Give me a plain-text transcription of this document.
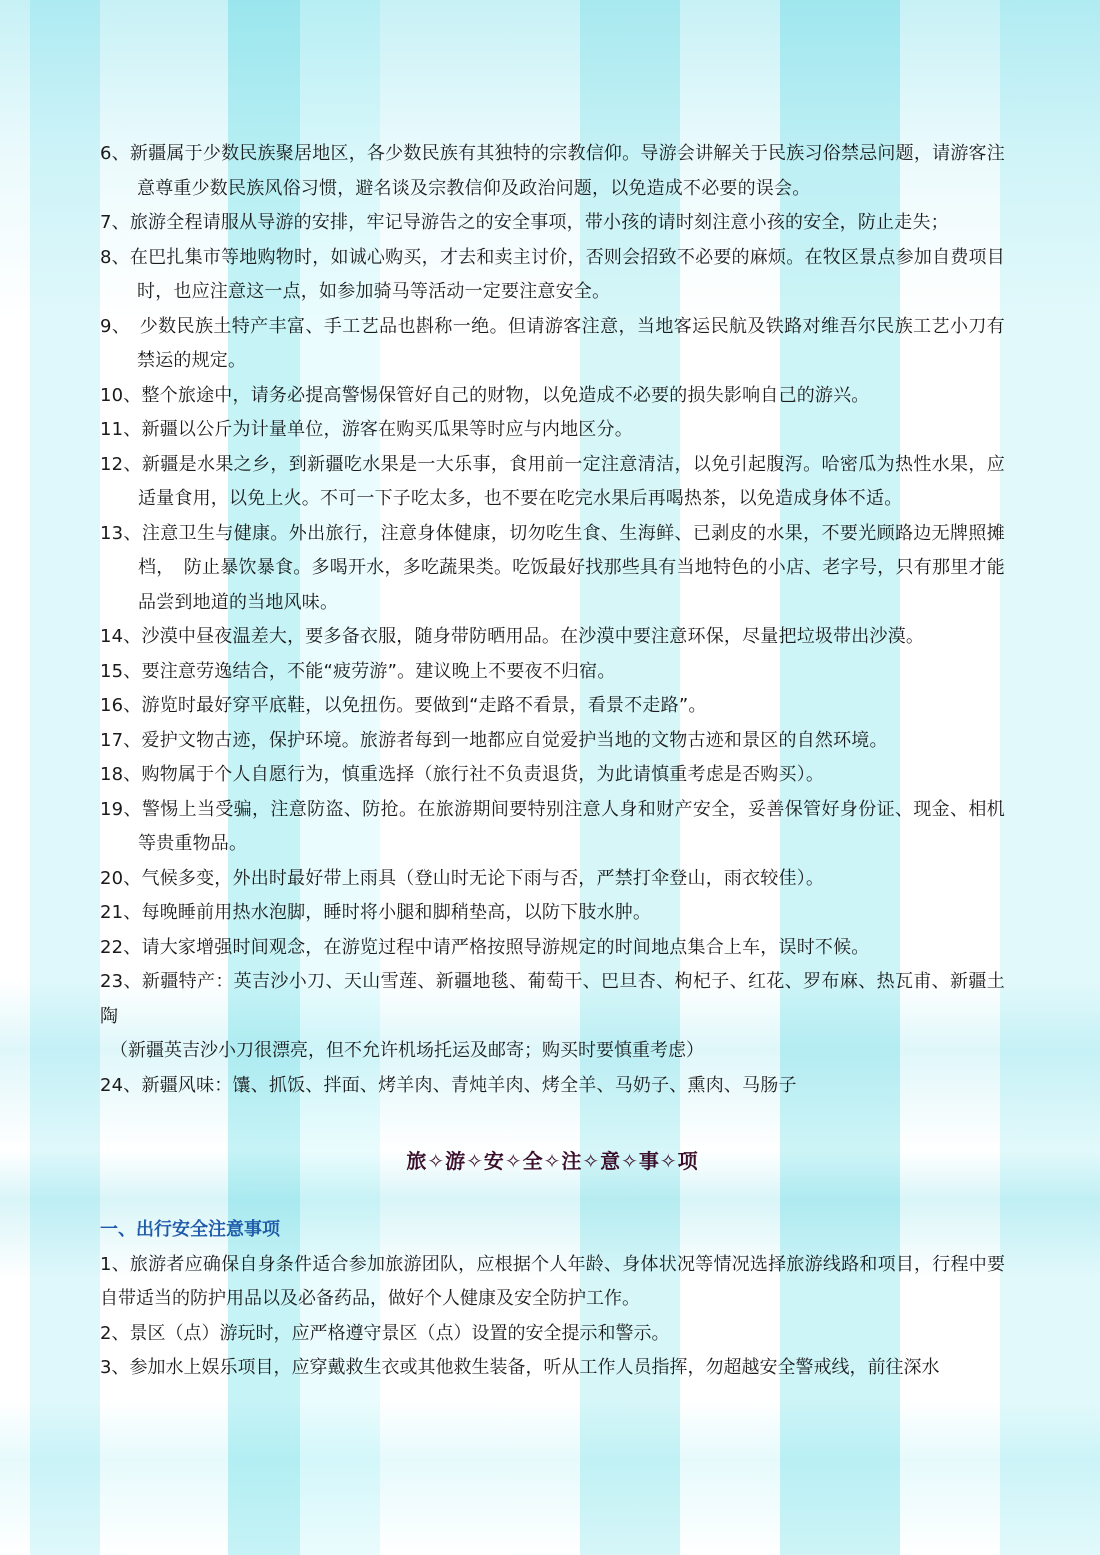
6、新疆属于少数民族聚居地区，各少数民族有其独特的宗教信仰。导游会讲解关于民族习俗禁忌问题，请游客注意尊重少数民族风俗习惯，避名谈及宗教信仰及政治问题，以免造成不必要的误会。

7、旅游全程请服从导游的安排，牢记导游告之的安全事项，带小孩的请时刻注意小孩的安全，防止走失；

8、在巴扎集市等地购物时，如诚心购买，才去和卖主讨价，否则会招致不必要的麻烦。在牧区景点参加自费项目时，也应注意这一点，如参加骑马等活动一定要注意安全。

9、　少数民族土特产丰富、手工艺品也斟称一绝。但请游客注意，当地客运民航及铁路对维吾尔民族工艺小刀有禁运的规定。

10、整个旅途中，请务必提高警惕保管好自己的财物，以免造成不必要的损失影响自己的游兴。

11、新疆以公斤为计量单位，游客在购买瓜果等时应与内地区分。

12、新疆是水果之乡，到新疆吃水果是一大乐事，食用前一定注意清洁，以免引起腹泻。哈密瓜为热性水果，应适量食用，以免上火。不可一下子吃太多，也不要在吃完水果后再喝热茶，以免造成身体不适。

13、注意卫生与健康。外出旅行，注意身体健康，切勿吃生食、生海鲜、已剥皮的水果，不要光顾路边无牌照摊档，　防止暴饮暴食。多喝开水，多吃蔬果类。吃饭最好找那些具有当地特色的小店、老字号，只有那里才能品尝到地道的当地风味。

14、沙漠中昼夜温差大，要多备衣服，随身带防晒用品。在沙漠中要注意环保，尽量把垃圾带出沙漠。

15、要注意劳逸结合，不能“疲劳游”。建议晚上不要夜不归宿。

16、游览时最好穿平底鞋，以免扭伤。要做到“走路不看景，看景不走路”。

17、爱护文物古迹，保护环境。旅游者每到一地都应自觉爱护当地的文物古迹和景区的自然环境。

18、购物属于个人自愿行为，慎重选择（旅行社不负责退货，为此请慎重考虑是否购买）。

19、警惕上当受骗，注意防盗、防抢。在旅游期间要特别注意人身和财产安全，妥善保管好身份证、现金、相机等贵重物品。

20、气候多变，外出时最好带上雨具（登山时无论下雨与否，严禁打伞登山，雨衣较佳）。

21、每晚睡前用热水泡脚，睡时将小腿和脚稍垫高，以防下肢水肿。

22、请大家增强时间观念，在游览过程中请严格按照导游规定的时间地点集合上车，误时不候。

23、新疆特产：英吉沙小刀、天山雪莲、新疆地毯、葡萄干、巴旦杏、枸杞子、红花、罗布麻、热瓦甫、新疆土陶

（新疆英吉沙小刀很漂亮，但不允许机场托运及邮寄；购买时要慎重考虑）

24、新疆风味：馕、抓饭、拌面、烤羊肉、青炖羊肉、烤全羊、马奶子、熏肉、马肠子

旅✧游✧安✧全✧注✧意✧事✧项
一、出行安全注意事项

1、旅游者应确保自身条件适合参加旅游团队，应根据个人年龄、身体状况等情况选择旅游线路和项目，行程中要自带适当的防护用品以及必备药品，做好个人健康及安全防护工作。

2、景区（点）游玩时，应严格遵守景区（点）设置的安全提示和警示。

3、参加水上娱乐项目，应穿戴救生衣或其他救生装备，听从工作人员指挥，勿超越安全警戒线，前往深水
